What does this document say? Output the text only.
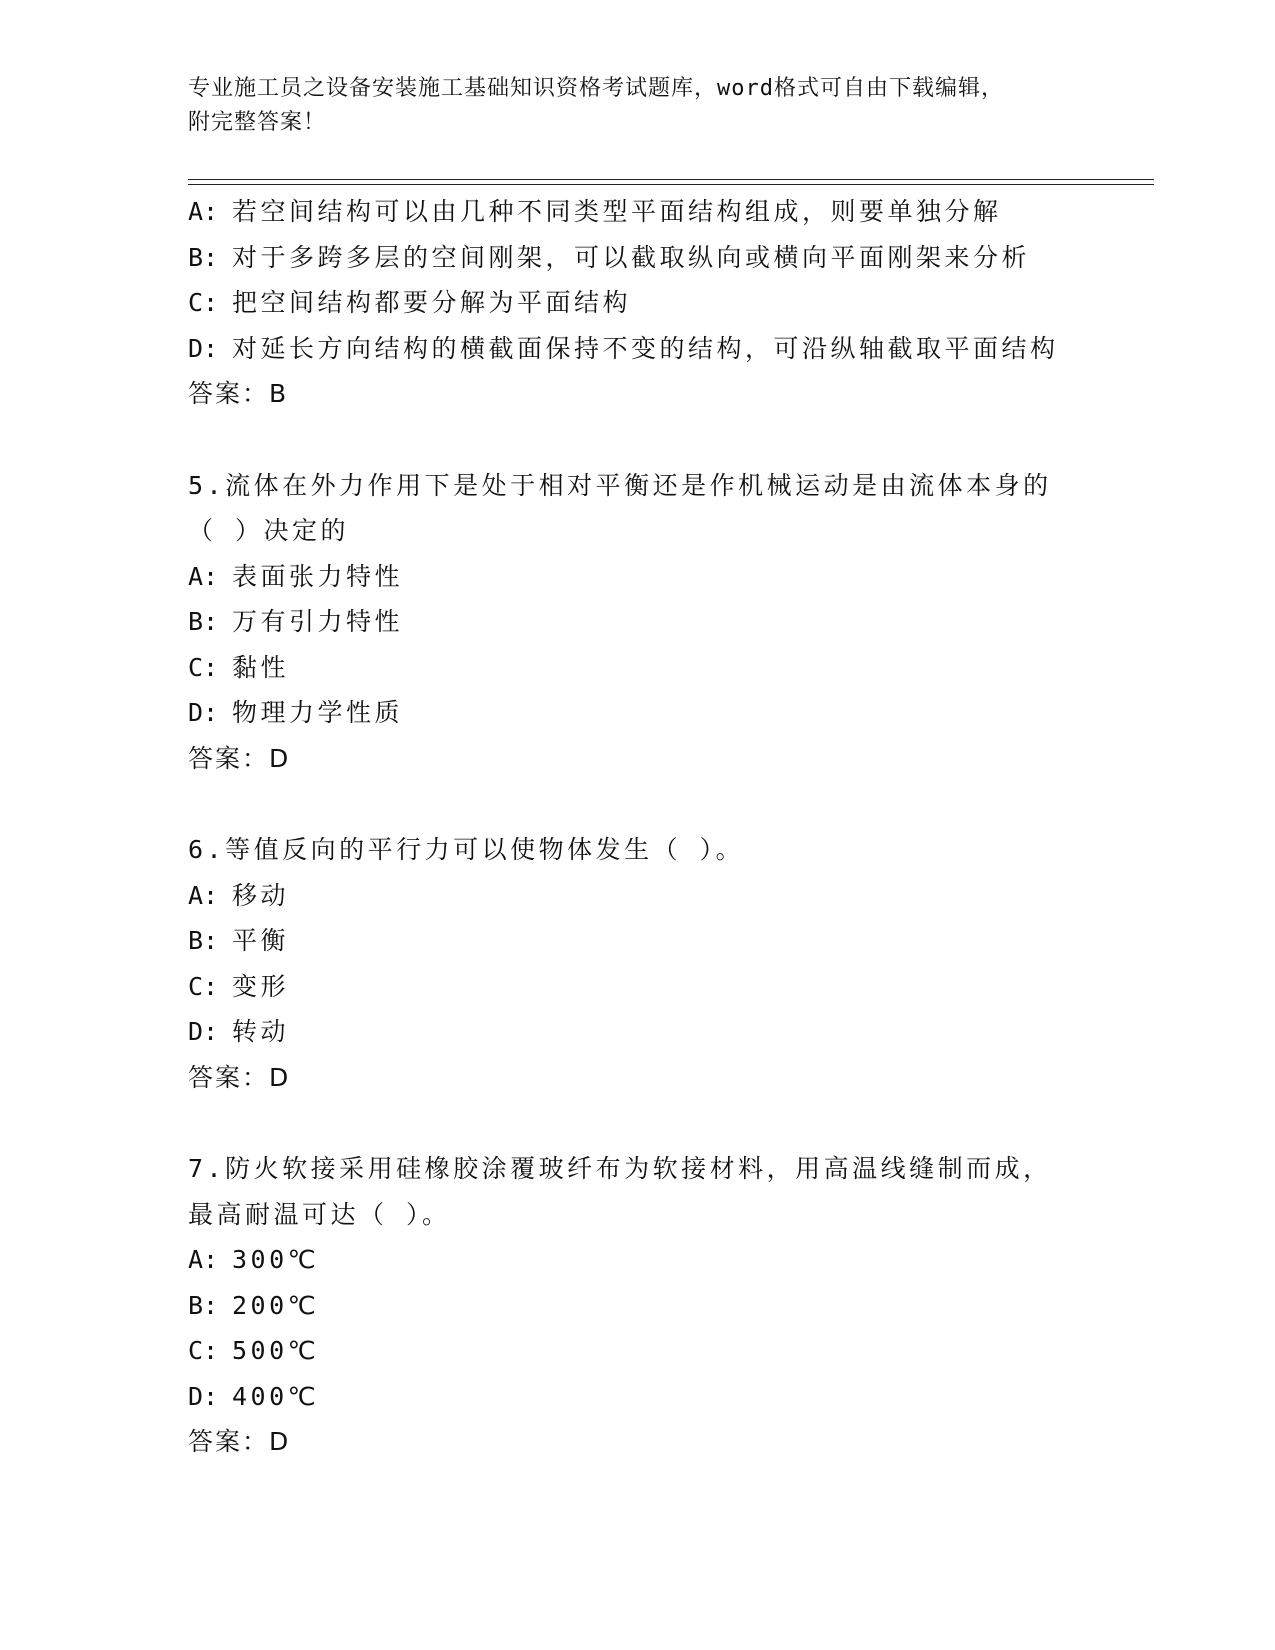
专业施工员之设备安装施工基础知识资格考试题库，word格式可自由下载编辑，
附完整答案！
A: 若空间结构可以由几种不同类型平面结构组成，则要单独分解
B: 对于多跨多层的空间刚架，可以截取纵向或横向平面刚架来分析
C: 把空间结构都要分解为平面结构
D: 对延长方向结构的横截面保持不变的结构，可沿纵轴截取平面结构
答案：B
5.流体在外力作用下是处于相对平衡还是作机械运动是由流体本身的
（ ）决定的
A: 表面张力特性
B: 万有引力特性
C: 黏性
D: 物理力学性质
答案：D
6.等值反向的平行力可以使物体发生（ ）。
A: 移动
B: 平衡
C: 变形
D: 转动
答案：D
7.防火软接采用硅橡胶涂覆玻纤布为软接材料，用高温线缝制而成，
最高耐温可达（ ）。
A: 300℃
B: 200℃
C: 500℃
D: 400℃
答案：D
